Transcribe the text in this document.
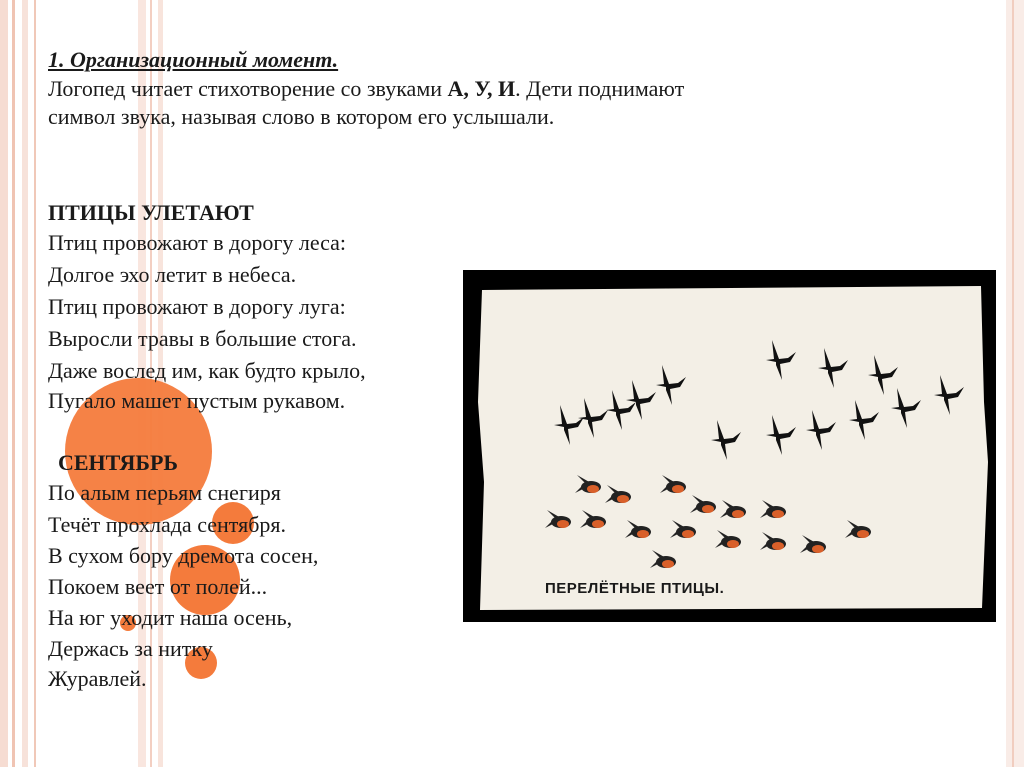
1. Организационный момент.
Логопед читает стихотворение со звуками А, У, И. Дети поднимают
символ звука, называя слово в котором его услышали.
ПТИЦЫ УЛЕТАЮТ
Птиц провожают в дорогу леса:
Долгое эхо летит в небеса.
Птиц провожают в дорогу луга:
Выросли травы в большие стога.
Даже вослед им, как будто крыло,
Пугало машет пустым рукавом.
СЕНТЯБРЬ
По алым перьям снегиря
Течёт прохлада сентября.
В сухом бору дремота сосен,
Покоем веет от полей...
На юг уходит наша осень,
Держась за нитку
Журавлей.
ПЕРЕЛЁТНЫЕ ПТИЦЫ.
